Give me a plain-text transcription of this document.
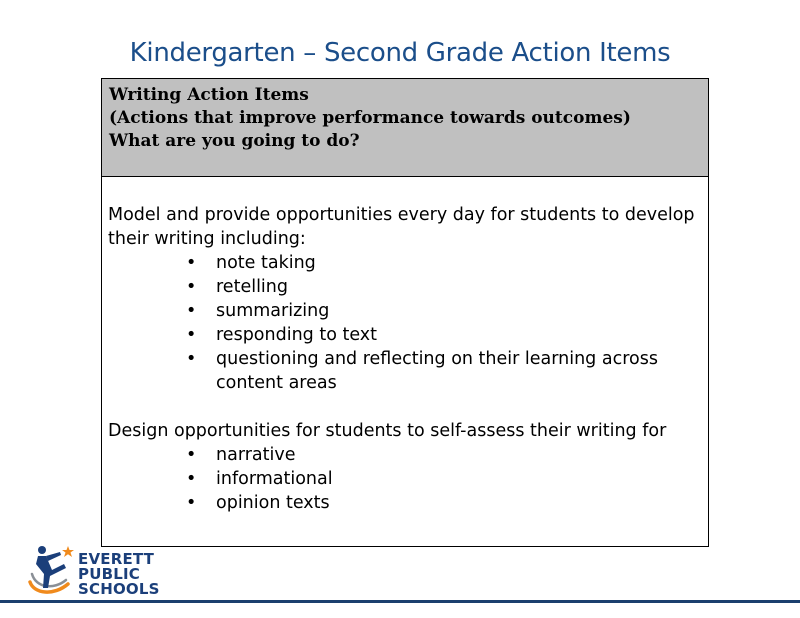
Kindergarten – Second Grade Action Items
Writing Action Items
(Actions that improve performance towards outcomes)
What are you going to do?

Model and provide opportunities every day for students to develop their writing including:

• note taking
• retelling
• summarizing
• responding to text
• questioning and reflecting on their learning across content areas

Design opportunities for students to self-assess their writing for

• narrative
• informational
• opinion texts
EVERETT
PUBLIC
SCHOOLS
